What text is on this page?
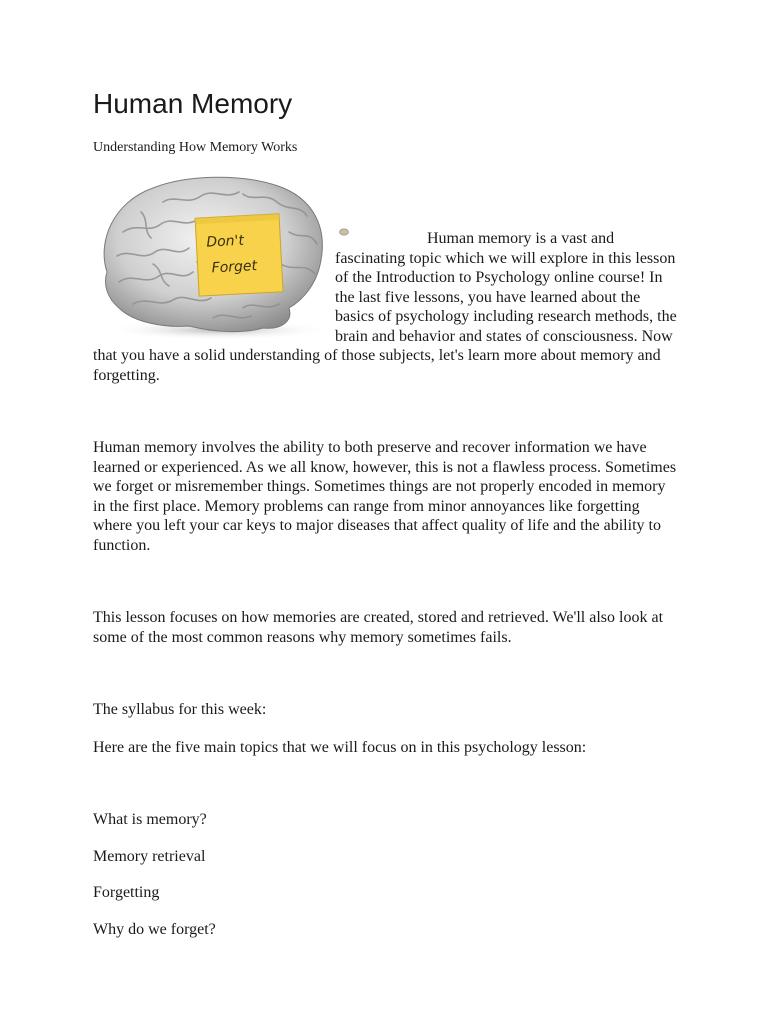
Human Memory

Understanding How Memory Works

Don't
Forget

Human memory is a vast and fascinating topic which we will explore in this lesson of the Introduction to Psychology online course! In the last five lessons, you have learned about the basics of psychology including research methods, the brain and behavior and states of consciousness. Now that you have a solid understanding of those subjects, let's learn more about memory and forgetting.

Human memory involves the ability to both preserve and recover information we have learned or experienced. As we all know, however, this is not a flawless process. Sometimes we forget or misremember things. Sometimes things are not properly encoded in memory in the first place. Memory problems can range from minor annoyances like forgetting where you left your car keys to major diseases that affect quality of life and the ability to function.

This lesson focuses on how memories are created, stored and retrieved. We'll also look at some of the most common reasons why memory sometimes fails.

The syllabus for this week:

Here are the five main topics that we will focus on in this psychology lesson:

What is memory?

Memory retrieval

Forgetting

Why do we forget?
